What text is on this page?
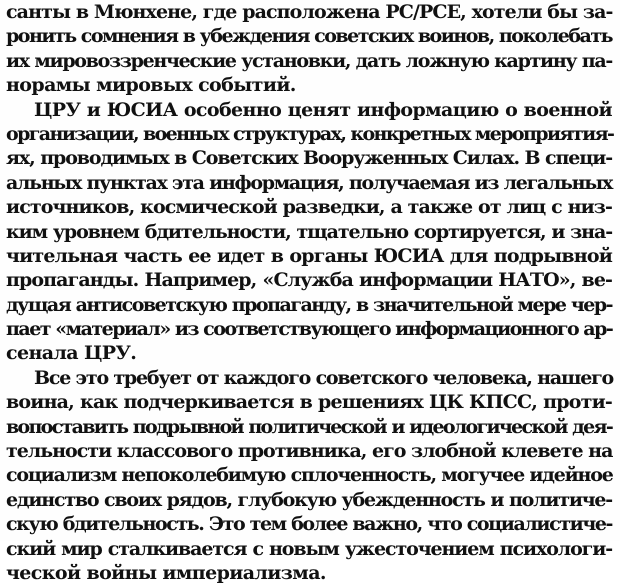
санты в Мюнхене, где расположена РС/РСЕ, хотели бы за-
ронить сомнения в убеждения советских воинов, поколебать
их мировоззренческие установки, дать ложную картину па-
норамы мировых событий.
ЦРУ и ЮСИА особенно ценят информацию о военной
организации, военных структурах, конкретных мероприятия-
ях, проводимых в Советских Вооруженных Силах. В специ-
альных пунктах эта информация, получаемая из легальных
источников, космической разведки, а также от лиц с низ-
ким уровнем бдительности, тщательно сортируется, и зна-
чительная часть ее идет в органы ЮСИА для подрывной
пропаганды. Например, «Служба информации НАТО», ве-
дущая антисоветскую пропаганду, в значительной мере чер-
пает «материал» из соответствующего информационного ар-
сенала ЦРУ.
Все это требует от каждого советского человека, нашего
воина, как подчеркивается в решениях ЦК КПСС, проти-
вопоставить подрывной политической и идеологической дея-
тельности классового противника, его злобной клевете на
социализм непоколебимую сплоченность, могучее идейное
единство своих рядов, глубокую убежденность и политиче-
скую бдительность. Это тем более важно, что социалистиче-
ский мир сталкивается с новым ужесточением психологи-
ческой войны империализма.
